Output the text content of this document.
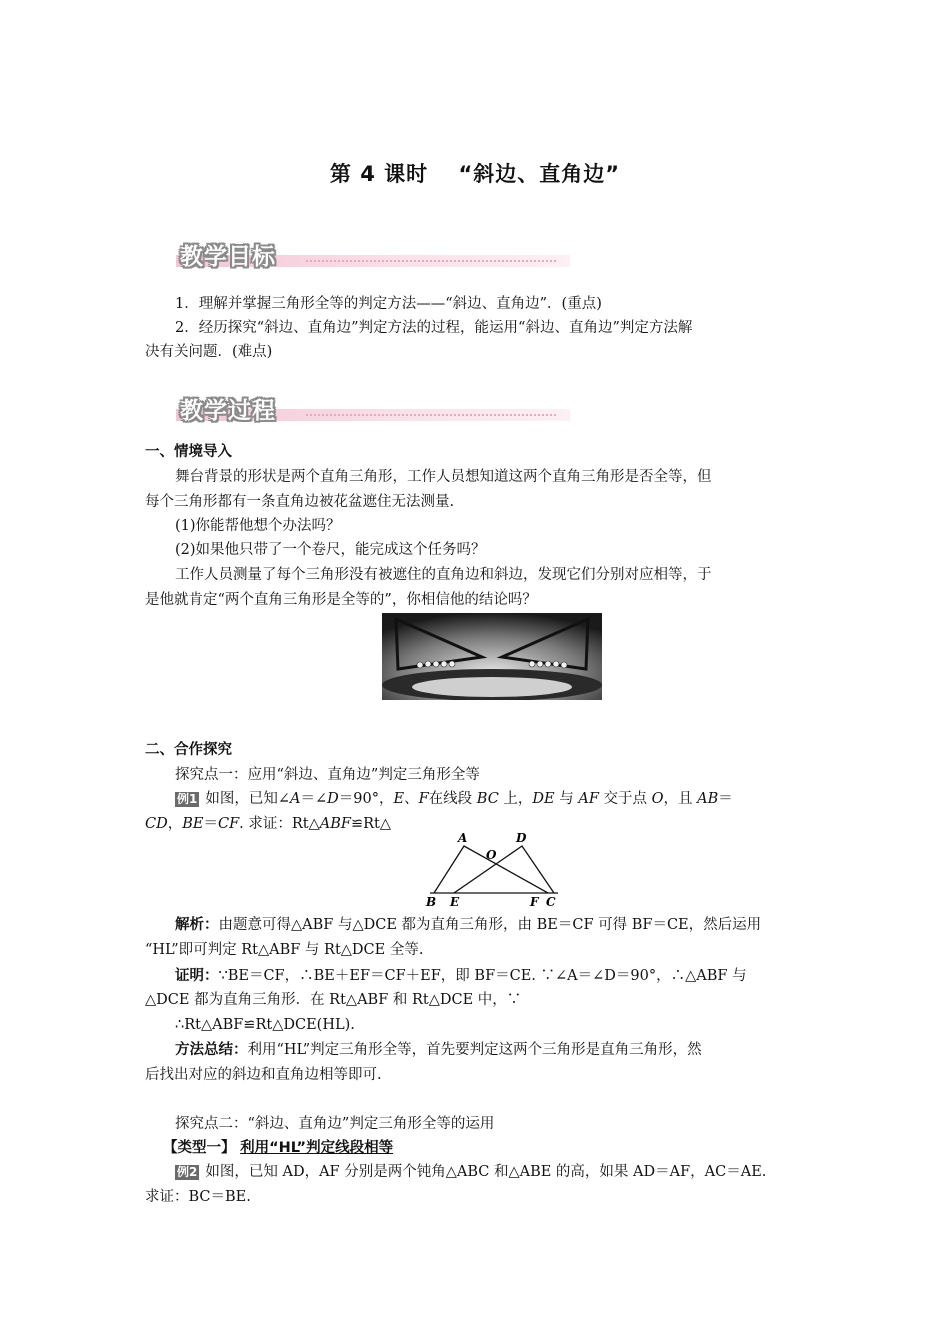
第 4 课时　 “斜边、直角边”
教学目标
1．理解并掌握三角形全等的判定方法——“斜边、直角边”．(重点)
2．经历探究“斜边、直角边”判定方法的过程，能运用“斜边、直角边”判定方法解
决有关问题．(难点)
教学过程
一、情境导入
舞台背景的形状是两个直角三角形，工作人员想知道这两个直角三角形是否全等，但
每个三角形都有一条直角边被花盆遮住无法测量.
(1)你能帮他想个办法吗？
(2)如果他只带了一个卷尺，能完成这个任务吗？
工作人员测量了每个三角形没有被遮住的直角边和斜边，发现它们分别对应相等，于
是他就肯定“两个直角三角形是全等的”，你相信他的结论吗？
二、合作探究
探究点一：应用“斜边、直角边”判定三角形全等
例1 如图，已知∠A＝∠D＝90°，E、F在线段 BC 上，DE 与 AF 交于点 O，且 AB＝
CD，BE＝CF. 求证：Rt△ABF≌Rt△
A	D
O
B E	F C
解析：由题意可得△ABF 与△DCE 都为直角三角形，由 BE＝CF 可得 BF＝CE，然后运用
“HL”即可判定 Rt△ABF 与 Rt△DCE 全等.
证明：∵BE＝CF，∴BE＋EF＝CF＋EF，即 BF＝CE. ∵∠A＝∠D＝90°，∴△ABF 与
△DCE 都为直角三角形．在 Rt△ABF 和 Rt△DCE 中，∵
∴Rt△ABF≌Rt△DCE(HL).
方法总结：利用“HL”判定三角形全等，首先要判定这两个三角形是直角三角形，然
后找出对应的斜边和直角边相等即可.
探究点二：“斜边、直角边”判定三角形全等的运用
【类型一】 利用“HL”判定线段相等
例2 如图，已知 AD，AF 分别是两个钝角△ABC 和△ABE 的高，如果 AD＝AF，AC＝AE.
求证：BC＝BE.
